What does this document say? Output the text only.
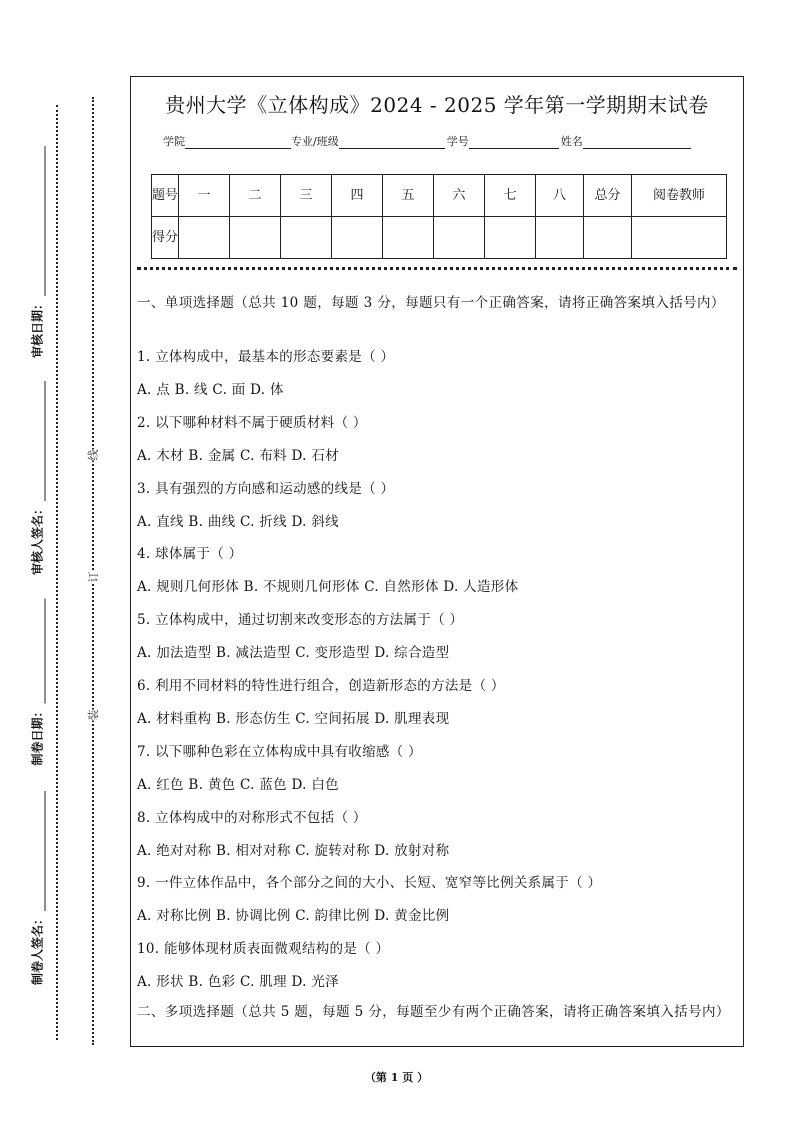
线
订
装
审核日期：
审核人签名：
制卷日期：
制卷人签名：
贵州大学《立体构成》2024 - 2025 学年第一学期期末试卷
学院	专业/班级	学号	姓名
题号	一	二	三	四	五	六	七	八	总分	阅卷教师
得分										
一、单项选择题（总共 10 题，每题 3 分，每题只有一个正确答案，请将正确答案填入括号内）
1. 立体构成中，最基本的形态要素是（ ）
A. 点 B. 线 C. 面 D. 体
2. 以下哪种材料不属于硬质材料（ ）
A. 木材 B. 金属 C. 布料 D. 石材
3. 具有强烈的方向感和运动感的线是（ ）
A. 直线 B. 曲线 C. 折线 D. 斜线
4. 球体属于（ ）
A. 规则几何形体 B. 不规则几何形体 C. 自然形体 D. 人造形体
5. 立体构成中，通过切割来改变形态的方法属于（ ）
A. 加法造型 B. 减法造型 C. 变形造型 D. 综合造型
6. 利用不同材料的特性进行组合，创造新形态的方法是（ ）
A. 材料重构 B. 形态仿生 C. 空间拓展 D. 肌理表现
7. 以下哪种色彩在立体构成中具有收缩感（ ）
A. 红色 B. 黄色 C. 蓝色 D. 白色
8. 立体构成中的对称形式不包括（ ）
A. 绝对对称 B. 相对对称 C. 旋转对称 D. 放射对称
9. 一件立体作品中，各个部分之间的大小、长短、宽窄等比例关系属于（ ）
A. 对称比例 B. 协调比例 C. 韵律比例 D. 黄金比例
10. 能够体现材质表面微观结构的是（ ）
A. 形状 B. 色彩 C. 肌理 D. 光泽
二、多项选择题（总共 5 题，每题 5 分，每题至少有两个正确答案，请将正确答案填入括号内）
（第 1 页 ）
